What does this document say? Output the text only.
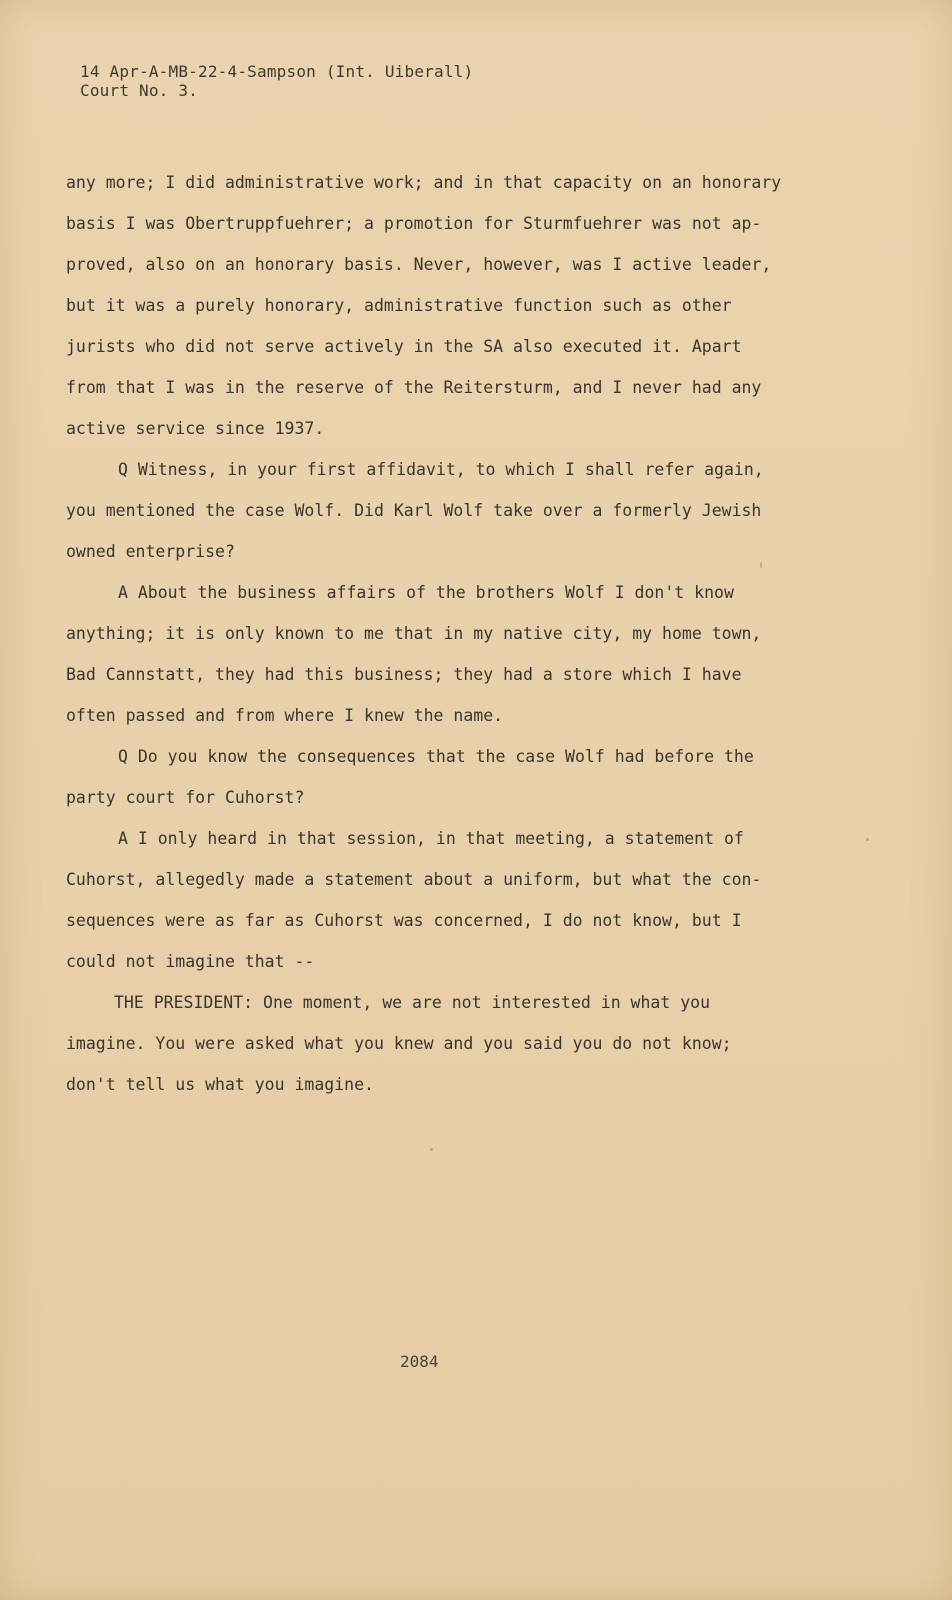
14 Apr-A-MB-22-4-Sampson (Int. Uiberall)
Court No. 3.
any more; I did administrative work; and in that capacity on an honorary
basis I was Obertruppfuehrer; a promotion for Sturmfuehrer was not ap-
proved, also on an honorary basis. Never, however, was I active leader,
but it was a purely honorary, administrative function such as other
jurists who did not serve actively in the SA also executed it. Apart
from that I was in the reserve of the Reitersturm, and I never had any
active service since 1937.
Q Witness, in your first affidavit, to which I shall refer again,
you mentioned the case Wolf. Did Karl Wolf take over a formerly Jewish
owned enterprise?
A About the business affairs of the brothers Wolf I don't know
anything; it is only known to me that in my native city, my home town,
Bad Cannstatt, they had this business; they had a store which I have
often passed and from where I knew the name.
Q Do you know the consequences that the case Wolf had before the
party court for Cuhorst?
A I only heard in that session, in that meeting, a statement of
Cuhorst, allegedly made a statement about a uniform, but what the con-
sequences were as far as Cuhorst was concerned, I do not know, but I
could not imagine that --
THE PRESIDENT: One moment, we are not interested in what you
imagine. You were asked what you knew and you said you do not know;
don't tell us what you imagine.
2084
